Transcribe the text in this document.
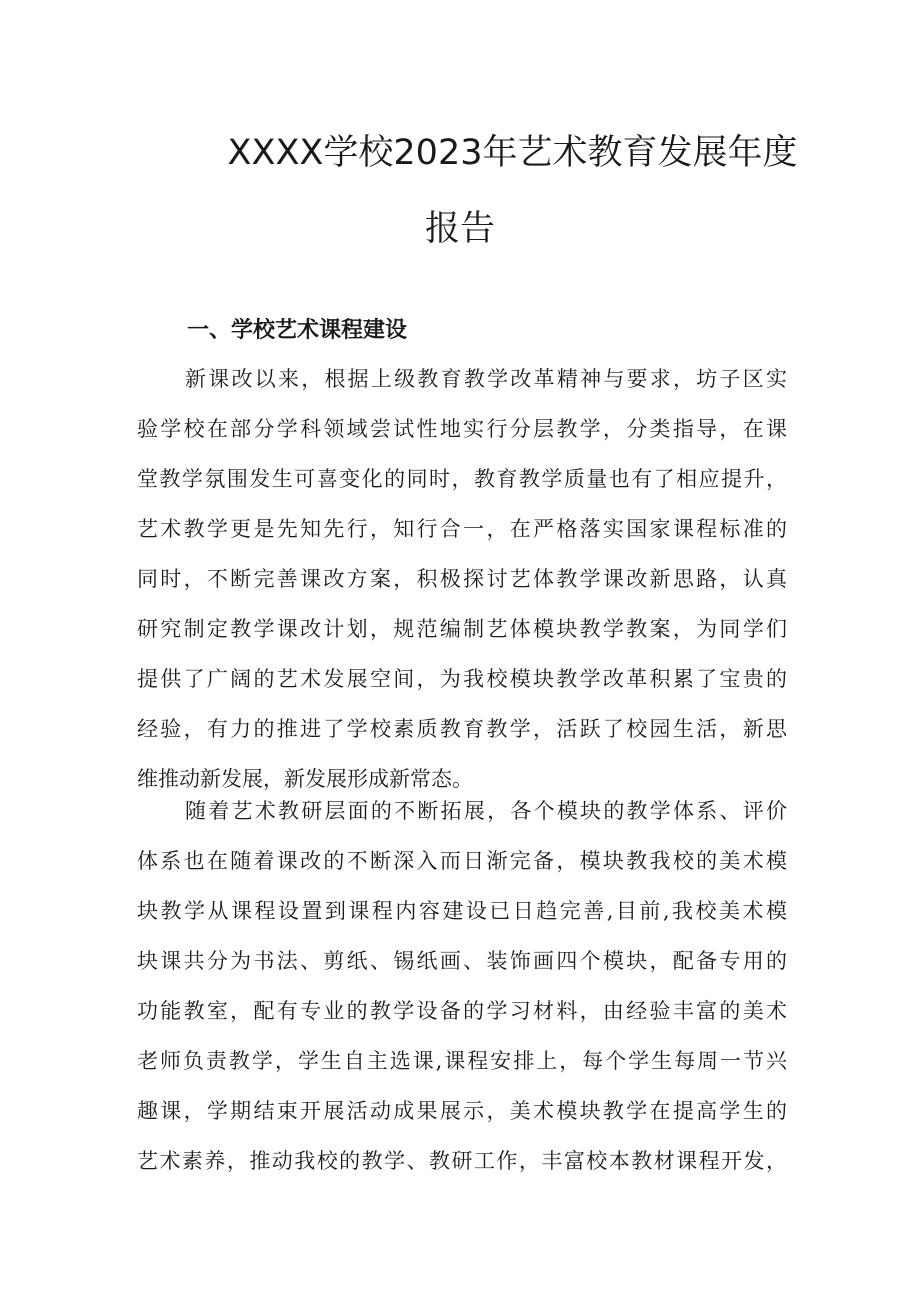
XXXX学校2023年艺术教育发展年度
报告
一、学校艺术课程建设
新课改以来，根据上级教育教学改革精神与要求，坊子区实
验学校在部分学科领域尝试性地实行分层教学，分类指导，在课
堂教学氛围发生可喜变化的同时，教育教学质量也有了相应提升，
艺术教学更是先知先行，知行合一，在严格落实国家课程标准的
同时，不断完善课改方案，积极探讨艺体教学课改新思路，认真
研究制定教学课改计划，规范编制艺体模块教学教案，为同学们
提供了广阔的艺术发展空间，为我校模块教学改革积累了宝贵的
经验，有力的推进了学校素质教育教学，活跃了校园生活，新思
维推动新发展，新发展形成新常态。
随着艺术教研层面的不断拓展，各个模块的教学体系、评价
体系也在随着课改的不断深入而日渐完备，模块教我校的美术模
块教学从课程设置到课程内容建设已日趋完善,目前,我校美术模
块课共分为书法、剪纸、锡纸画、装饰画四个模块，配备专用的
功能教室，配有专业的教学设备的学习材料，由经验丰富的美术
老师负责教学，学生自主选课,课程安排上，每个学生每周一节兴
趣课，学期结束开展活动成果展示，美术模块教学在提高学生的
艺术素养，推动我校的教学、教研工作，丰富校本教材课程开发，
